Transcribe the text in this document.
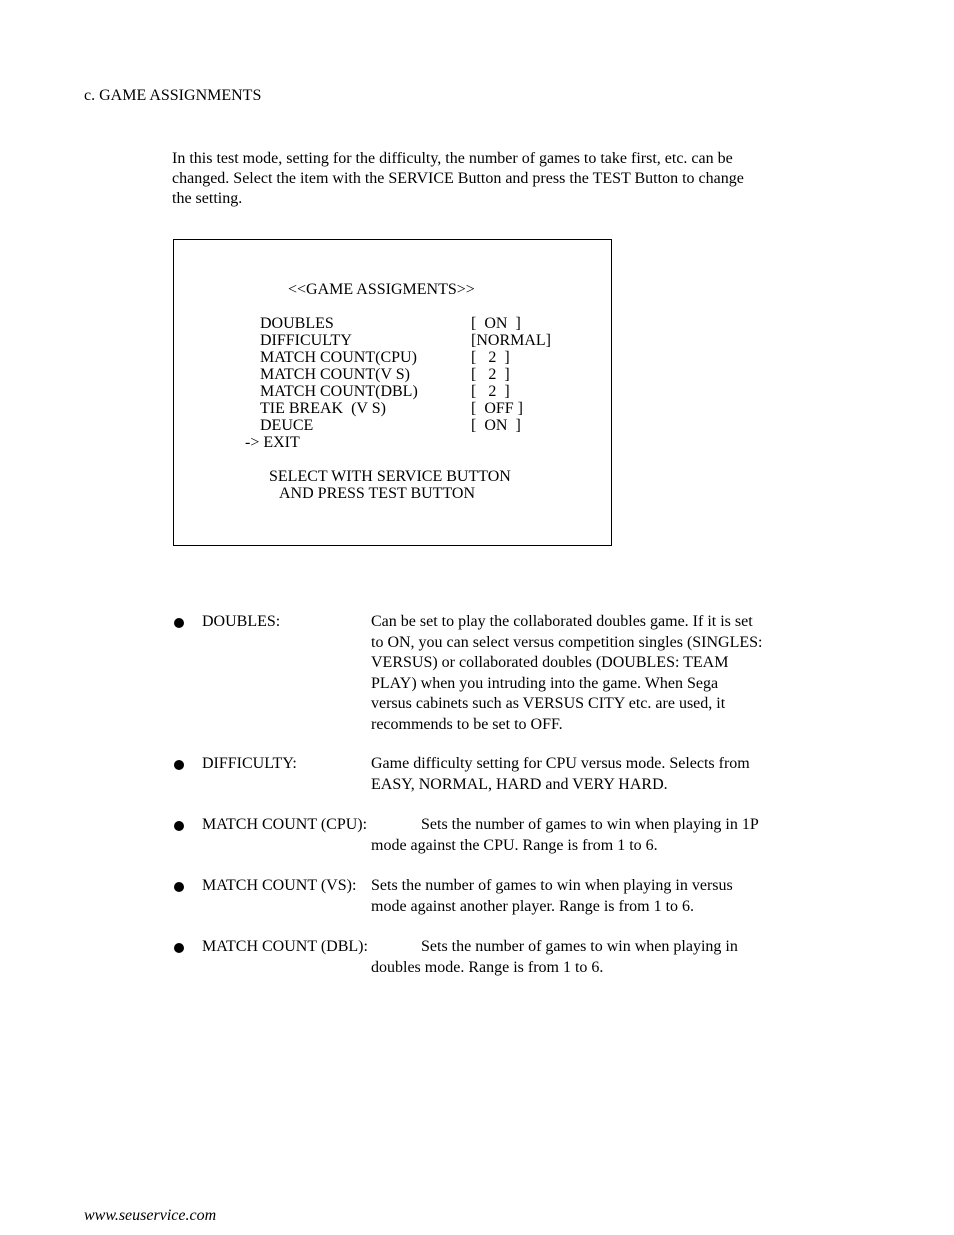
c. GAME ASSIGNMENTS
In this test mode, setting for the difficulty, the number of games to take first, etc. can be
changed. Select the item with the SERVICE Button and press the TEST Button to change
the setting.
<<GAME ASSIGMENTS>>
DOUBLES	[  ON  ]
DIFFICULTY	[NORMAL]
MATCH COUNT(CPU)	[   2  ]
MATCH COUNT(V S)	[   2  ]
MATCH COUNT(DBL)	[   2  ]
TIE BREAK  (V S)	[  OFF ]
DEUCE	[  ON  ]
-> EXIT
SELECT WITH SERVICE BUTTON
AND PRESS TEST BUTTON
DOUBLES:	Can be set to play the collaborated doubles game. If it is set
to ON, you can select versus competition singles (SINGLES:
VERSUS) or collaborated doubles (DOUBLES: TEAM
PLAY) when you intruding into the game. When Sega
versus cabinets such as VERSUS CITY etc. are used, it
recommends to be set to OFF.
DIFFICULTY:	Game difficulty setting for CPU versus mode. Selects from
EASY, NORMAL, HARD and VERY HARD.
MATCH COUNT (CPU):	Sets the number of games to win when playing in 1P
mode against the CPU. Range is from 1 to 6.
MATCH COUNT (VS): Sets the number of games to win when playing in versus
mode against another player. Range is from 1 to 6.
MATCH COUNT (DBL):	Sets the number of games to win when playing in
doubles mode. Range is from 1 to 6.
www.seuservice.com
